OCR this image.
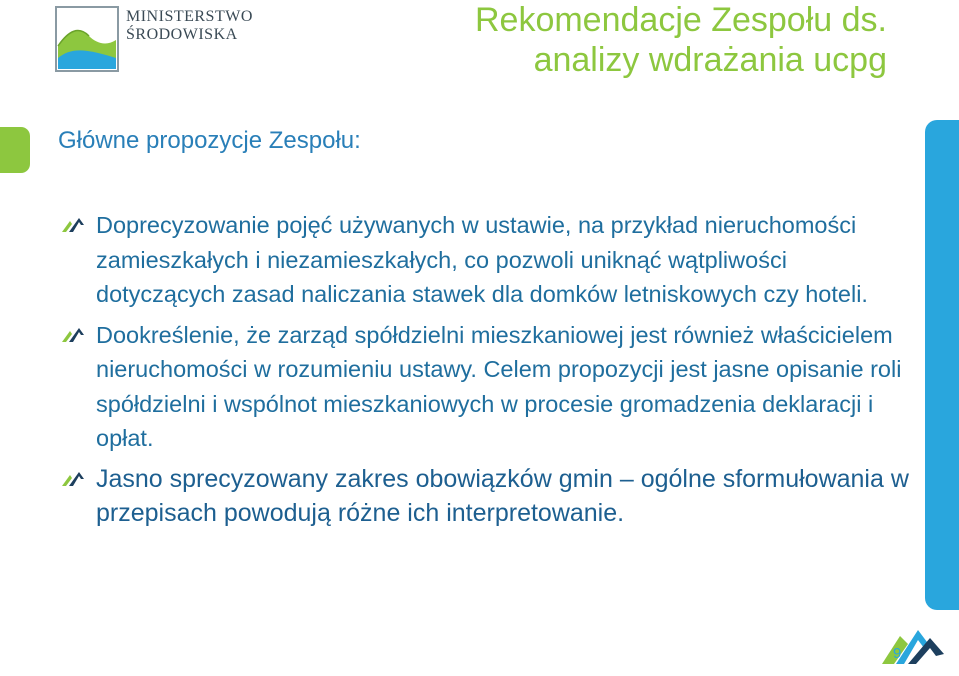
MINISTERSTWO
ŚRODOWISKA	Rekomendacje Zespołu ds.
analizy wdrażania ucpg
Główne propozycje Zespołu:

Doprecyzowanie pojęć używanych w ustawie, na przykład nieruchomości zamieszkałych i niezamieszkałych, co pozwoli uniknąć wątpliwości dotyczących zasad naliczania stawek dla domków letniskowych czy hoteli.

Dookreślenie, że zarząd spółdzielni mieszkaniowej jest również właścicielem nieruchomości w rozumieniu ustawy. Celem propozycji jest jasne opisanie roli spółdzielni i wspólnot mieszkaniowych w procesie gromadzenia deklaracji i opłat.

Jasno sprecyzowany zakres obowiązków gmin – ogólne sformułowania w przepisach powodują różne ich interpretowanie.

9
